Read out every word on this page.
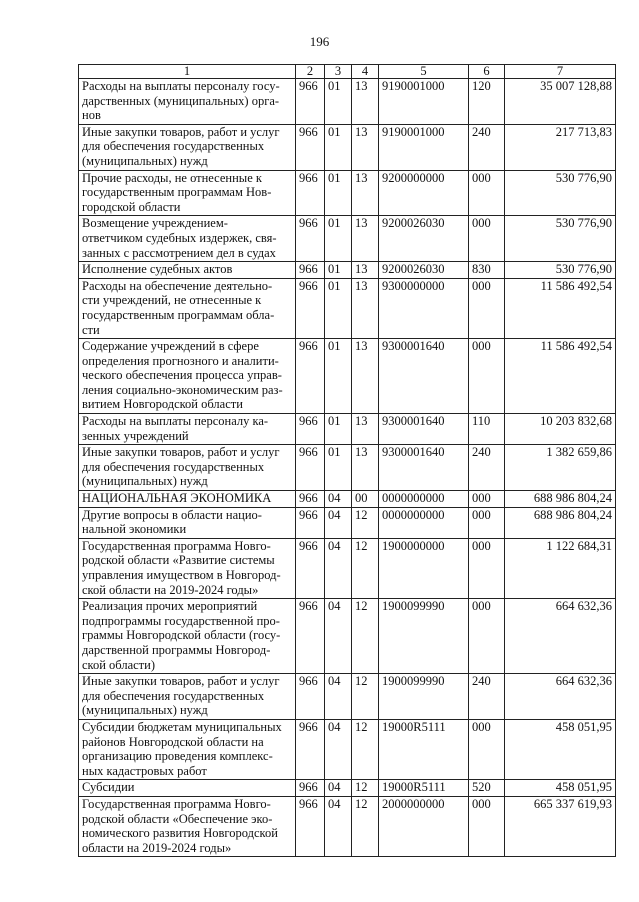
196
1	2	3	4	5	6	7

Расходы на выплаты персоналу госу-
дарственных (муниципальных) орга-
нов	966	01	13	9190001000	120	35 007 128,88

Иные закупки товаров, работ и услуг
для обеспечения государственных
(муниципальных) нужд	966	01	13	9190001000	240	217 713,83

Прочие расходы, не отнесенные к
государственным программам Нов-
городской области	966	01	13	9200000000	000	530 776,90

Возмещение учреждением-
ответчиком судебных издержек, свя-
занных с рассмотрением дел в судах	966	01	13	9200026030	000	530 776,90

Исполнение судебных актов	966	01	13	9200026030	830	530 776,90

Расходы на обеспечение деятельно-
сти учреждений, не отнесенные к
государственным программам обла-
сти	966	01	13	9300000000	000	11 586 492,54

Содержание учреждений в сфере
определения прогнозного и аналити-
ческого обеспечения процесса управ-
ления социально-экономическим раз-
витием Новгородской области	966	01	13	9300001640	000	11 586 492,54

Расходы на выплаты персоналу ка-
зенных учреждений	966	01	13	9300001640	110	10 203 832,68

Иные закупки товаров, работ и услуг
для обеспечения государственных
(муниципальных) нужд	966	01	13	9300001640	240	1 382 659,86

НАЦИОНАЛЬНАЯ ЭКОНОМИКА	966	04	00	0000000000	000	688 986 804,24

Другие вопросы в области нацио-
нальной экономики	966	04	12	0000000000	000	688 986 804,24

Государственная программа Новго-
родской области «Развитие системы
управления имуществом в Новгород-
ской области на 2019-2024 годы»	966	04	12	1900000000	000	1 122 684,31

Реализация прочих мероприятий
подпрограммы государственной про-
граммы Новгородской области (госу-
дарственной программы Новгород-
ской области)	966	04	12	1900099990	000	664 632,36

Иные закупки товаров, работ и услуг
для обеспечения государственных
(муниципальных) нужд	966	04	12	1900099990	240	664 632,36

Субсидии бюджетам муниципальных
районов Новгородской области на
организацию проведения комплекс-
ных кадастровых работ	966	04	12	19000R5111	000	458 051,95

Субсидии	966	04	12	19000R5111	520	458 051,95

Государственная программа Новго-
родской области «Обеспечение эко-
номического развития Новгородской
области на 2019-2024 годы»	966	04	12	2000000000	000	665 337 619,93
